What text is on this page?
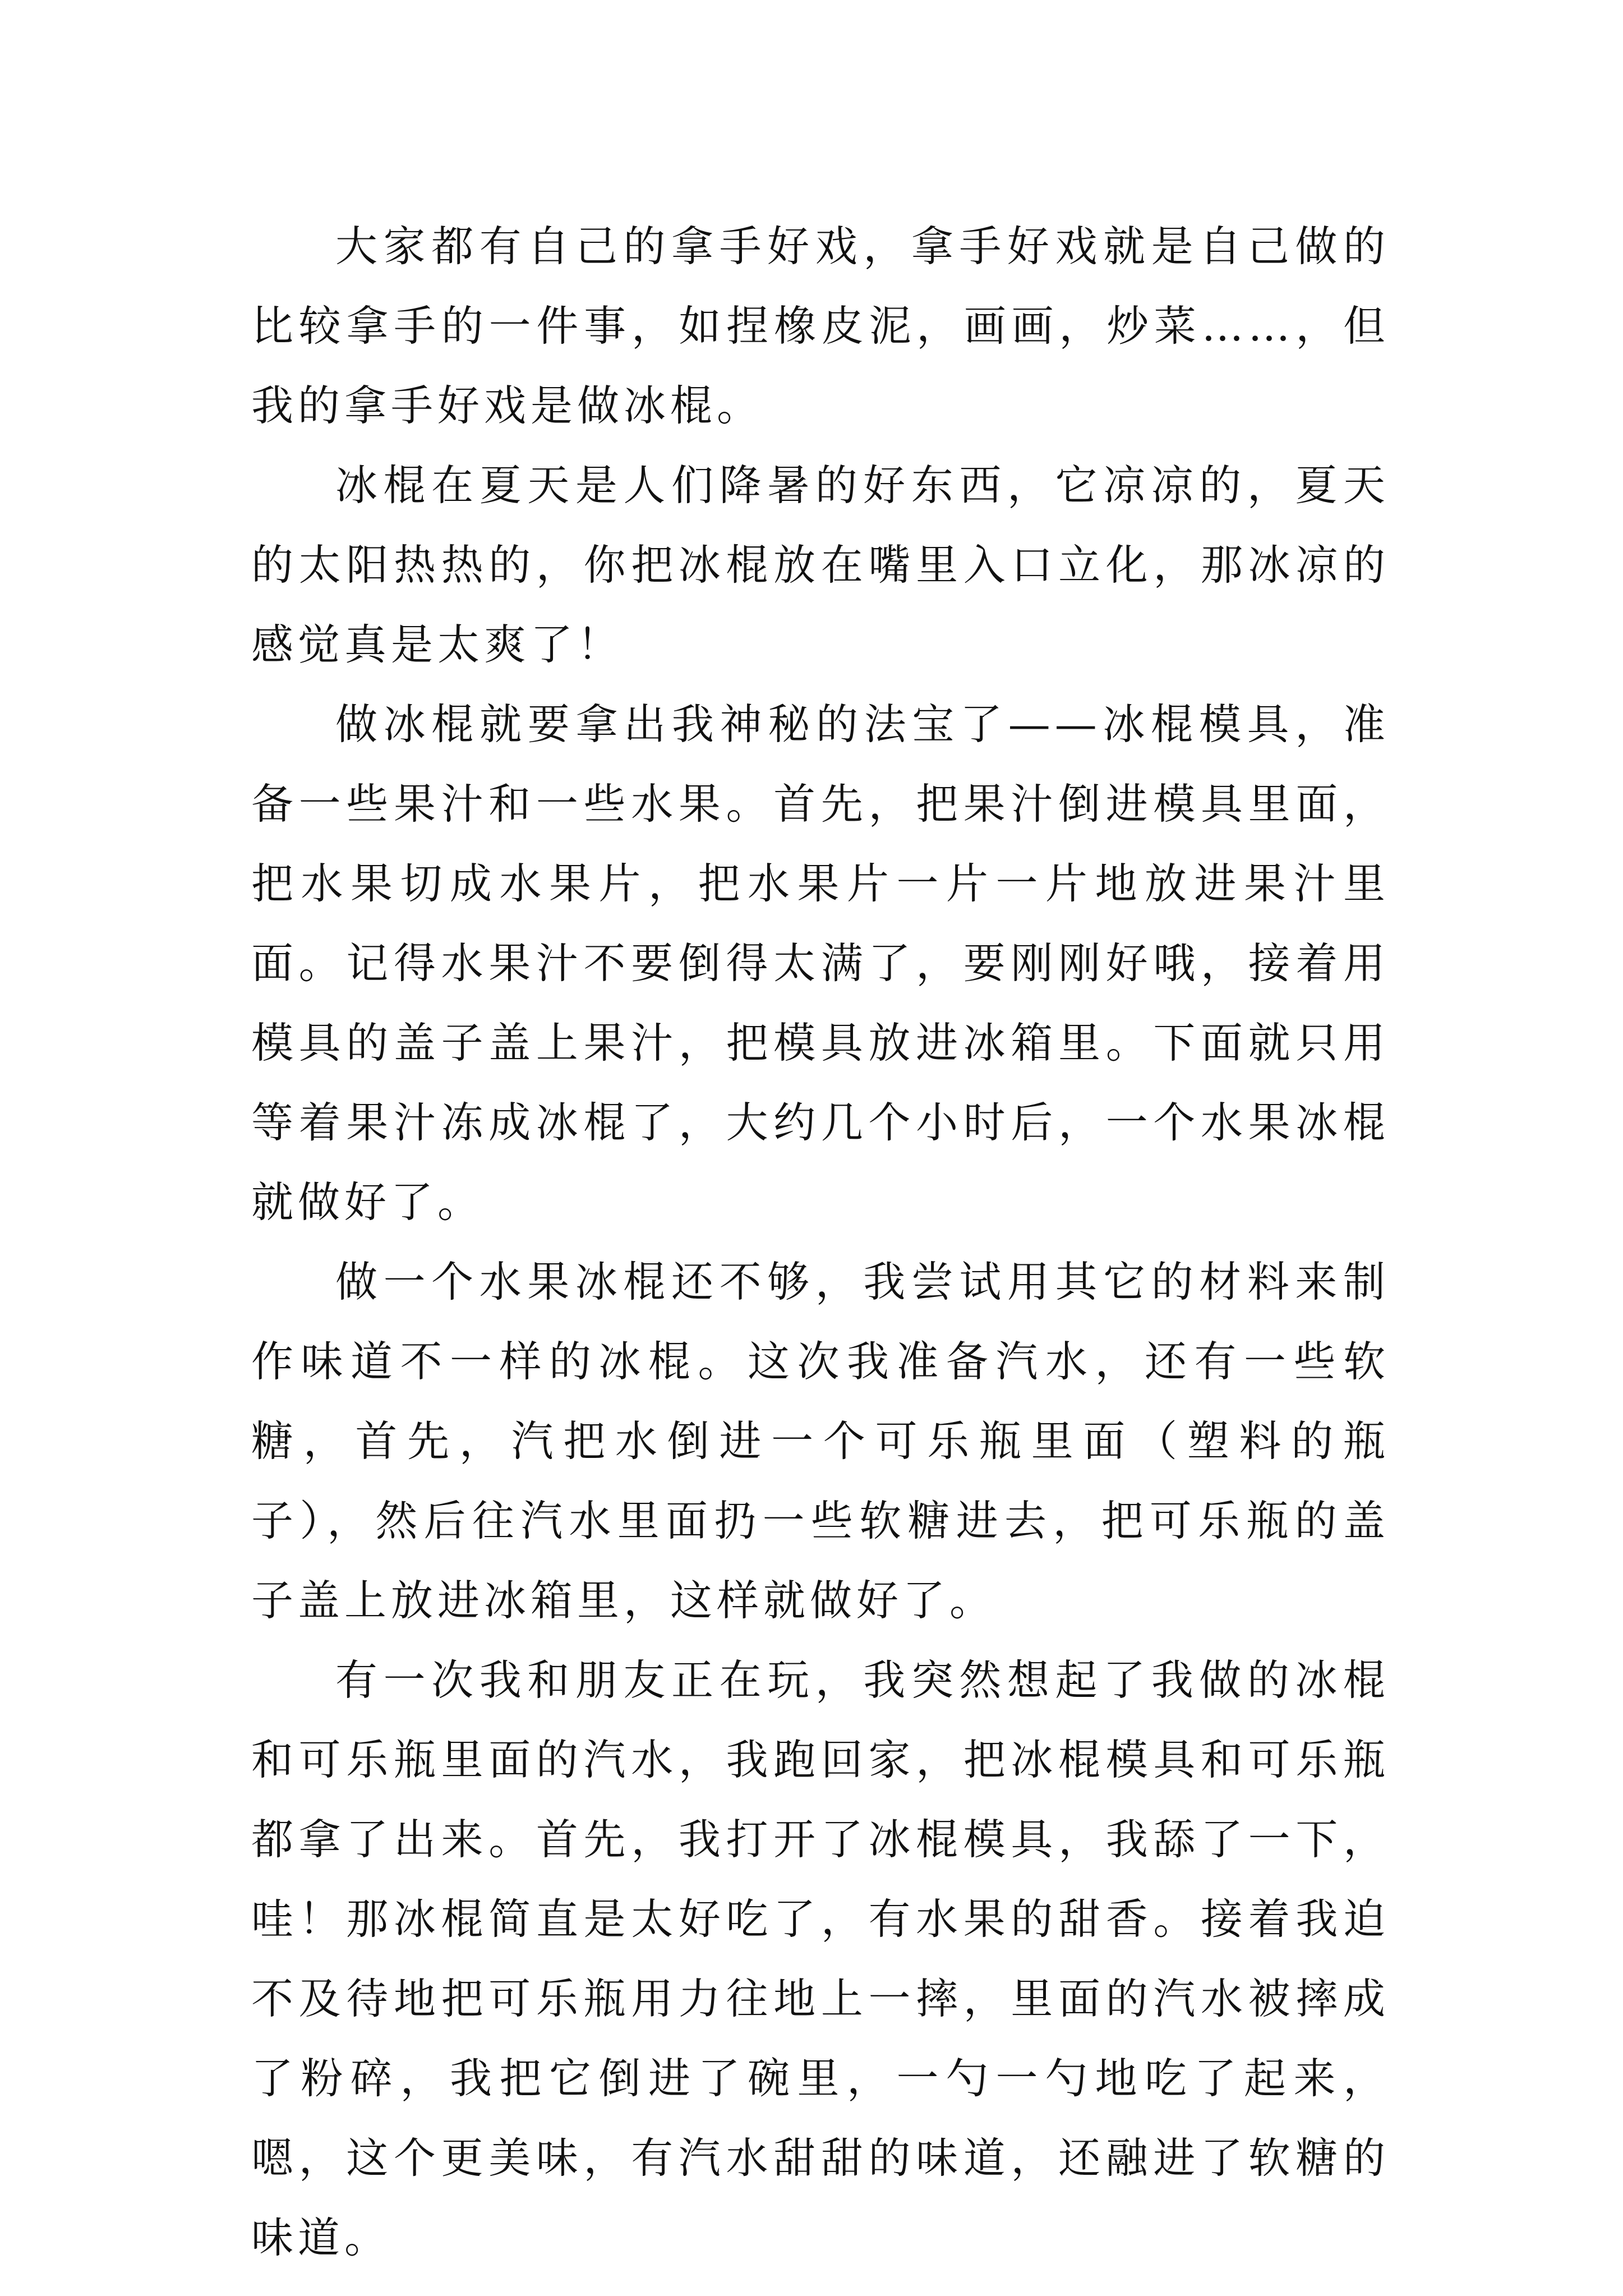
大家都有自己的拿手好戏，拿手好戏就是自己做的比较拿手的一件事，如捏橡皮泥，画画，炒菜……，但我的拿手好戏是做冰棍。

冰棍在夏天是人们降暑的好东西，它凉凉的，夏天的太阳热热的，你把冰棍放在嘴里入口立化，那冰凉的感觉真是太爽了！

做冰棍就要拿出我神秘的法宝了——冰棍模具，准备一些果汁和一些水果。首先，把果汁倒进模具里面，把水果切成水果片，把水果片一片一片地放进果汁里面。记得水果汁不要倒得太满了，要刚刚好哦，接着用模具的盖子盖上果汁，把模具放进冰箱里。下面就只用等着果汁冻成冰棍了，大约几个小时后，一个水果冰棍就做好了。

做一个水果冰棍还不够，我尝试用其它的材料来制作味道不一样的冰棍。这次我准备汽水，还有一些软糖，首先，汽把水倒进一个可乐瓶里面（塑料的瓶子），然后往汽水里面扔一些软糖进去，把可乐瓶的盖子盖上放进冰箱里，这样就做好了。

有一次我和朋友正在玩，我突然想起了我做的冰棍和可乐瓶里面的汽水，我跑回家，把冰棍模具和可乐瓶都拿了出来。首先，我打开了冰棍模具，我舔了一下，哇！那冰棍简直是太好吃了，有水果的甜香。接着我迫不及待地把可乐瓶用力往地上一摔，里面的汽水被摔成了粉碎，我把它倒进了碗里，一勺一勺地吃了起来，嗯，这个更美味，有汽水甜甜的味道，还融进了软糖的味道。
